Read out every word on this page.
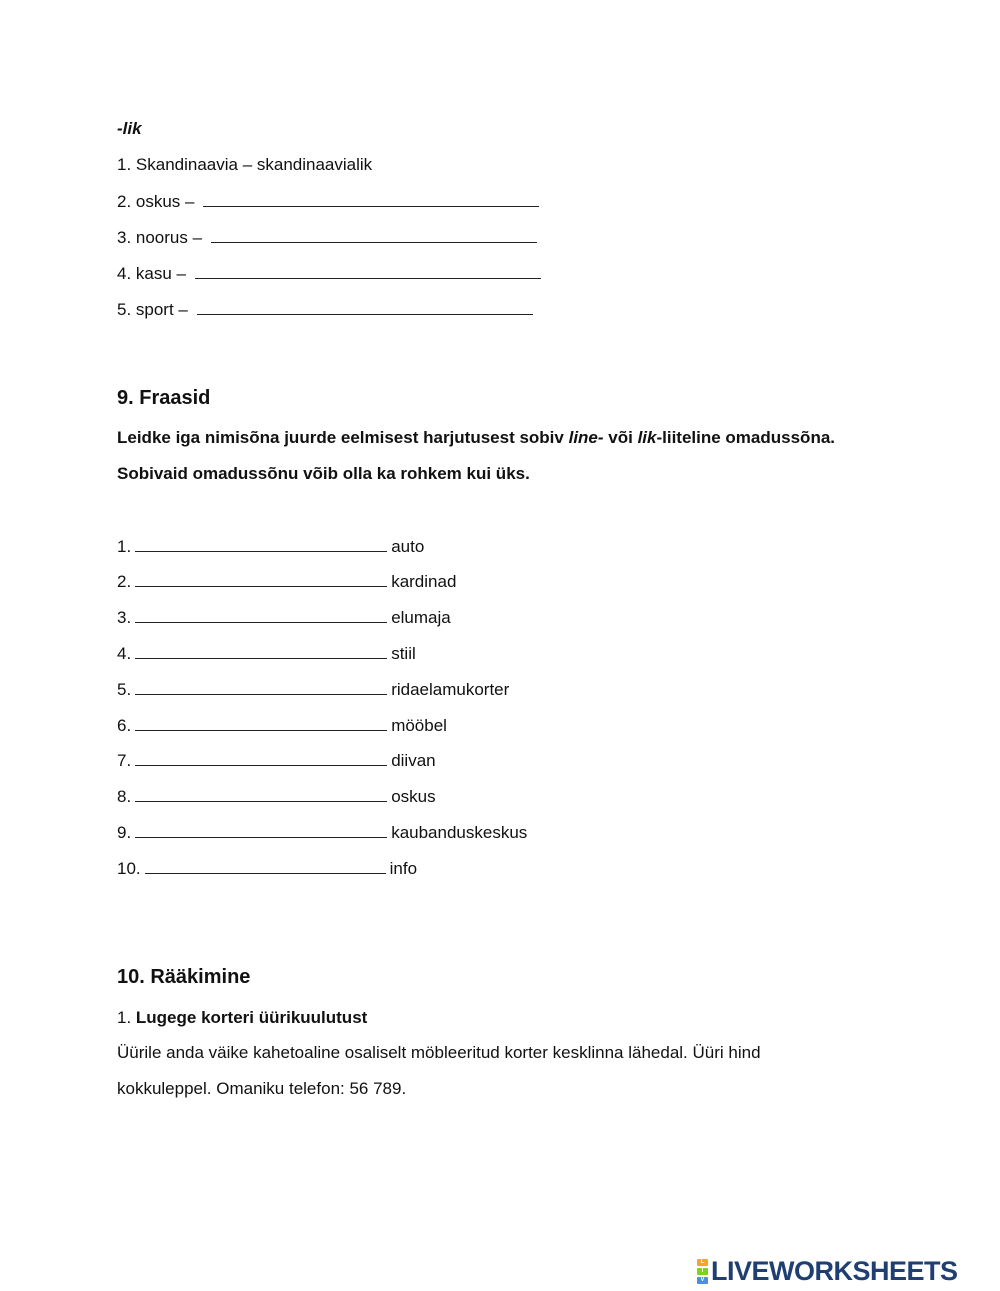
-lik
1. Skandinaavia – skandinaavialik
2. oskus –
3. noorus –
4. kasu –
5. sport –
9. Fraasid
Leidke iga nimisõna juurde eelmisest harjutusest sobiv line- või lik-liiteline omadussõna.
Sobivaid omadussõnu võib olla ka rohkem kui üks.
1.	auto
2.	kardinad
3.	elumaja
4.	stiil
5.	ridaelamukorter
6.	mööbel
7.	diivan
8.	oskus
9.	kaubanduskeskus
10.	info
10. Rääkimine
1. Lugege korteri üürikuulutust
Üürile anda väike kahetoaline osaliselt möbleeritud korter kesklinna lähedal. Üüri hind
kokkuleppel. Omaniku telefon: 56 789.
L
I
V LIVEWORKSHEETS
